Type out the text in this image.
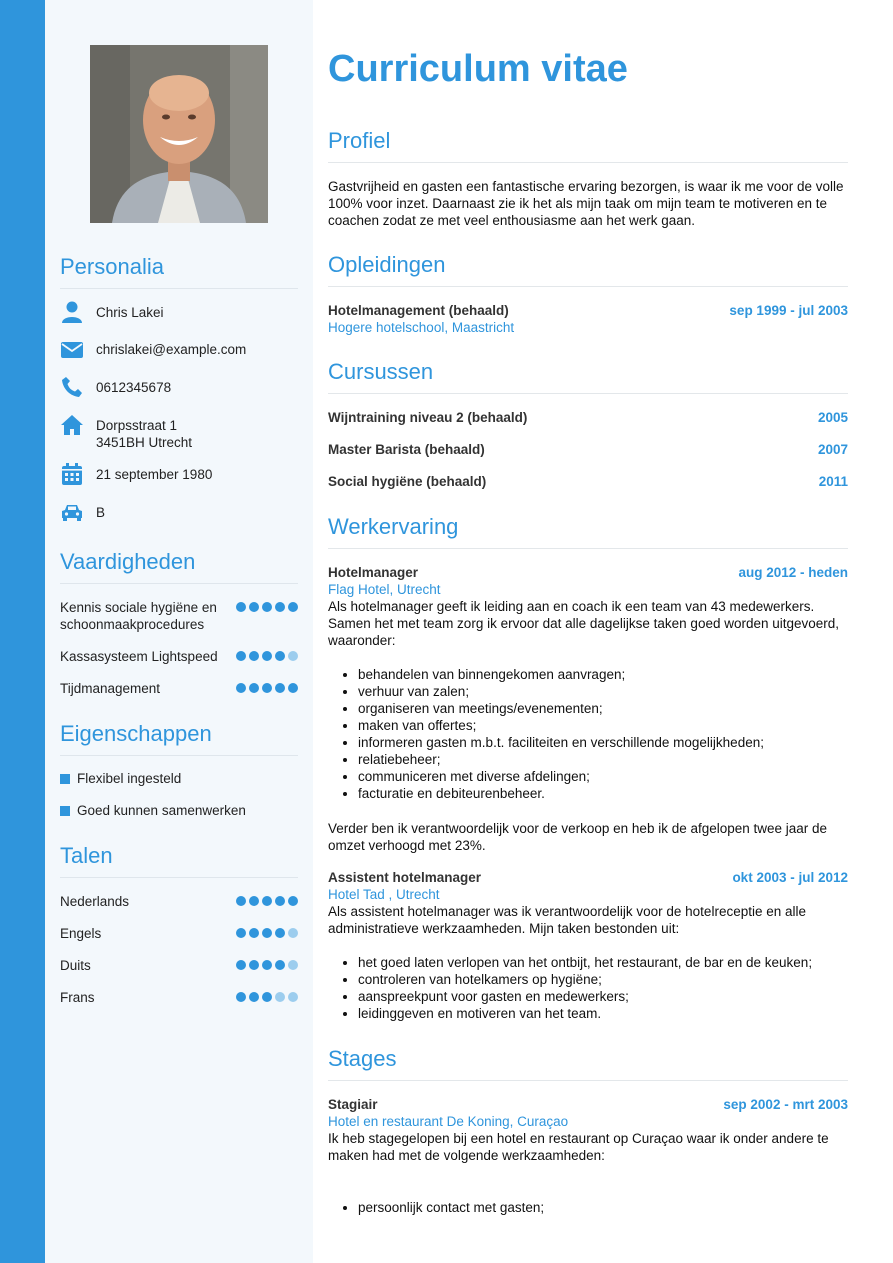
Personalia
Chris Lakei
chrislakei@example.com
0612345678
Dorpsstraat 1
3451BH Utrecht
21 september 1980
B
Vaardigheden
Kennis sociale hygiëne en schoonmaakprocedures
Kassasysteem Lightspeed
Tijdmanagement
Eigenschappen
Flexibel ingesteld
Goed kunnen samenwerken
Talen
Nederlands
Engels
Duits
Frans
Curriculum vitae
Profiel
Gastvrijheid en gasten een fantastische ervaring bezorgen, is waar ik me voor de volle 100% voor inzet. Daarnaast zie ik het als mijn taak om mijn team te motiveren en te coachen zodat ze met veel enthousiasme aan het werk gaan.
Opleidingen
Hotelmanagement (behaald)	sep 1999 - jul 2003
Hogere hotelschool, Maastricht
Cursussen
Wijntraining niveau 2 (behaald)	2005
Master Barista (behaald)	2007
Social hygiëne (behaald)	2011
Werkervaring
Hotelmanager	aug 2012 - heden
Flag Hotel, Utrecht
Als hotelmanager geeft ik leiding aan en coach ik een team van 43 medewerkers. Samen het met team zorg ik ervoor dat alle dagelijkse taken goed worden uitgevoerd, waaronder:
• behandelen van binnengekomen aanvragen;
• verhuur van zalen;
• organiseren van meetings/evenementen;
• maken van offertes;
• informeren gasten m.b.t. faciliteiten en verschillende mogelijkheden;
• relatiebeheer;
• communiceren met diverse afdelingen;
• facturatie en debiteurenbeheer.
Verder ben ik verantwoordelijk voor de verkoop en heb ik de afgelopen twee jaar de omzet verhoogd met 23%.
Assistent hotelmanager	okt 2003 - jul 2012
Hotel Tad , Utrecht
Als assistent hotelmanager was ik verantwoordelijk voor de hotelreceptie en alle administratieve werkzaamheden. Mijn taken bestonden uit:
• het goed laten verlopen van het ontbijt, het restaurant, de bar en de keuken;
• controleren van hotelkamers op hygiëne;
• aanspreekpunt voor gasten en medewerkers;
• leidinggeven en motiveren van het team.
Stages
Stagiair	sep 2002 - mrt 2003
Hotel en restaurant De Koning, Curaçao
Ik heb stagegelopen bij een hotel en restaurant op Curaçao waar ik onder andere te maken had met de volgende werkzaamheden:
• persoonlijk contact met gasten;
